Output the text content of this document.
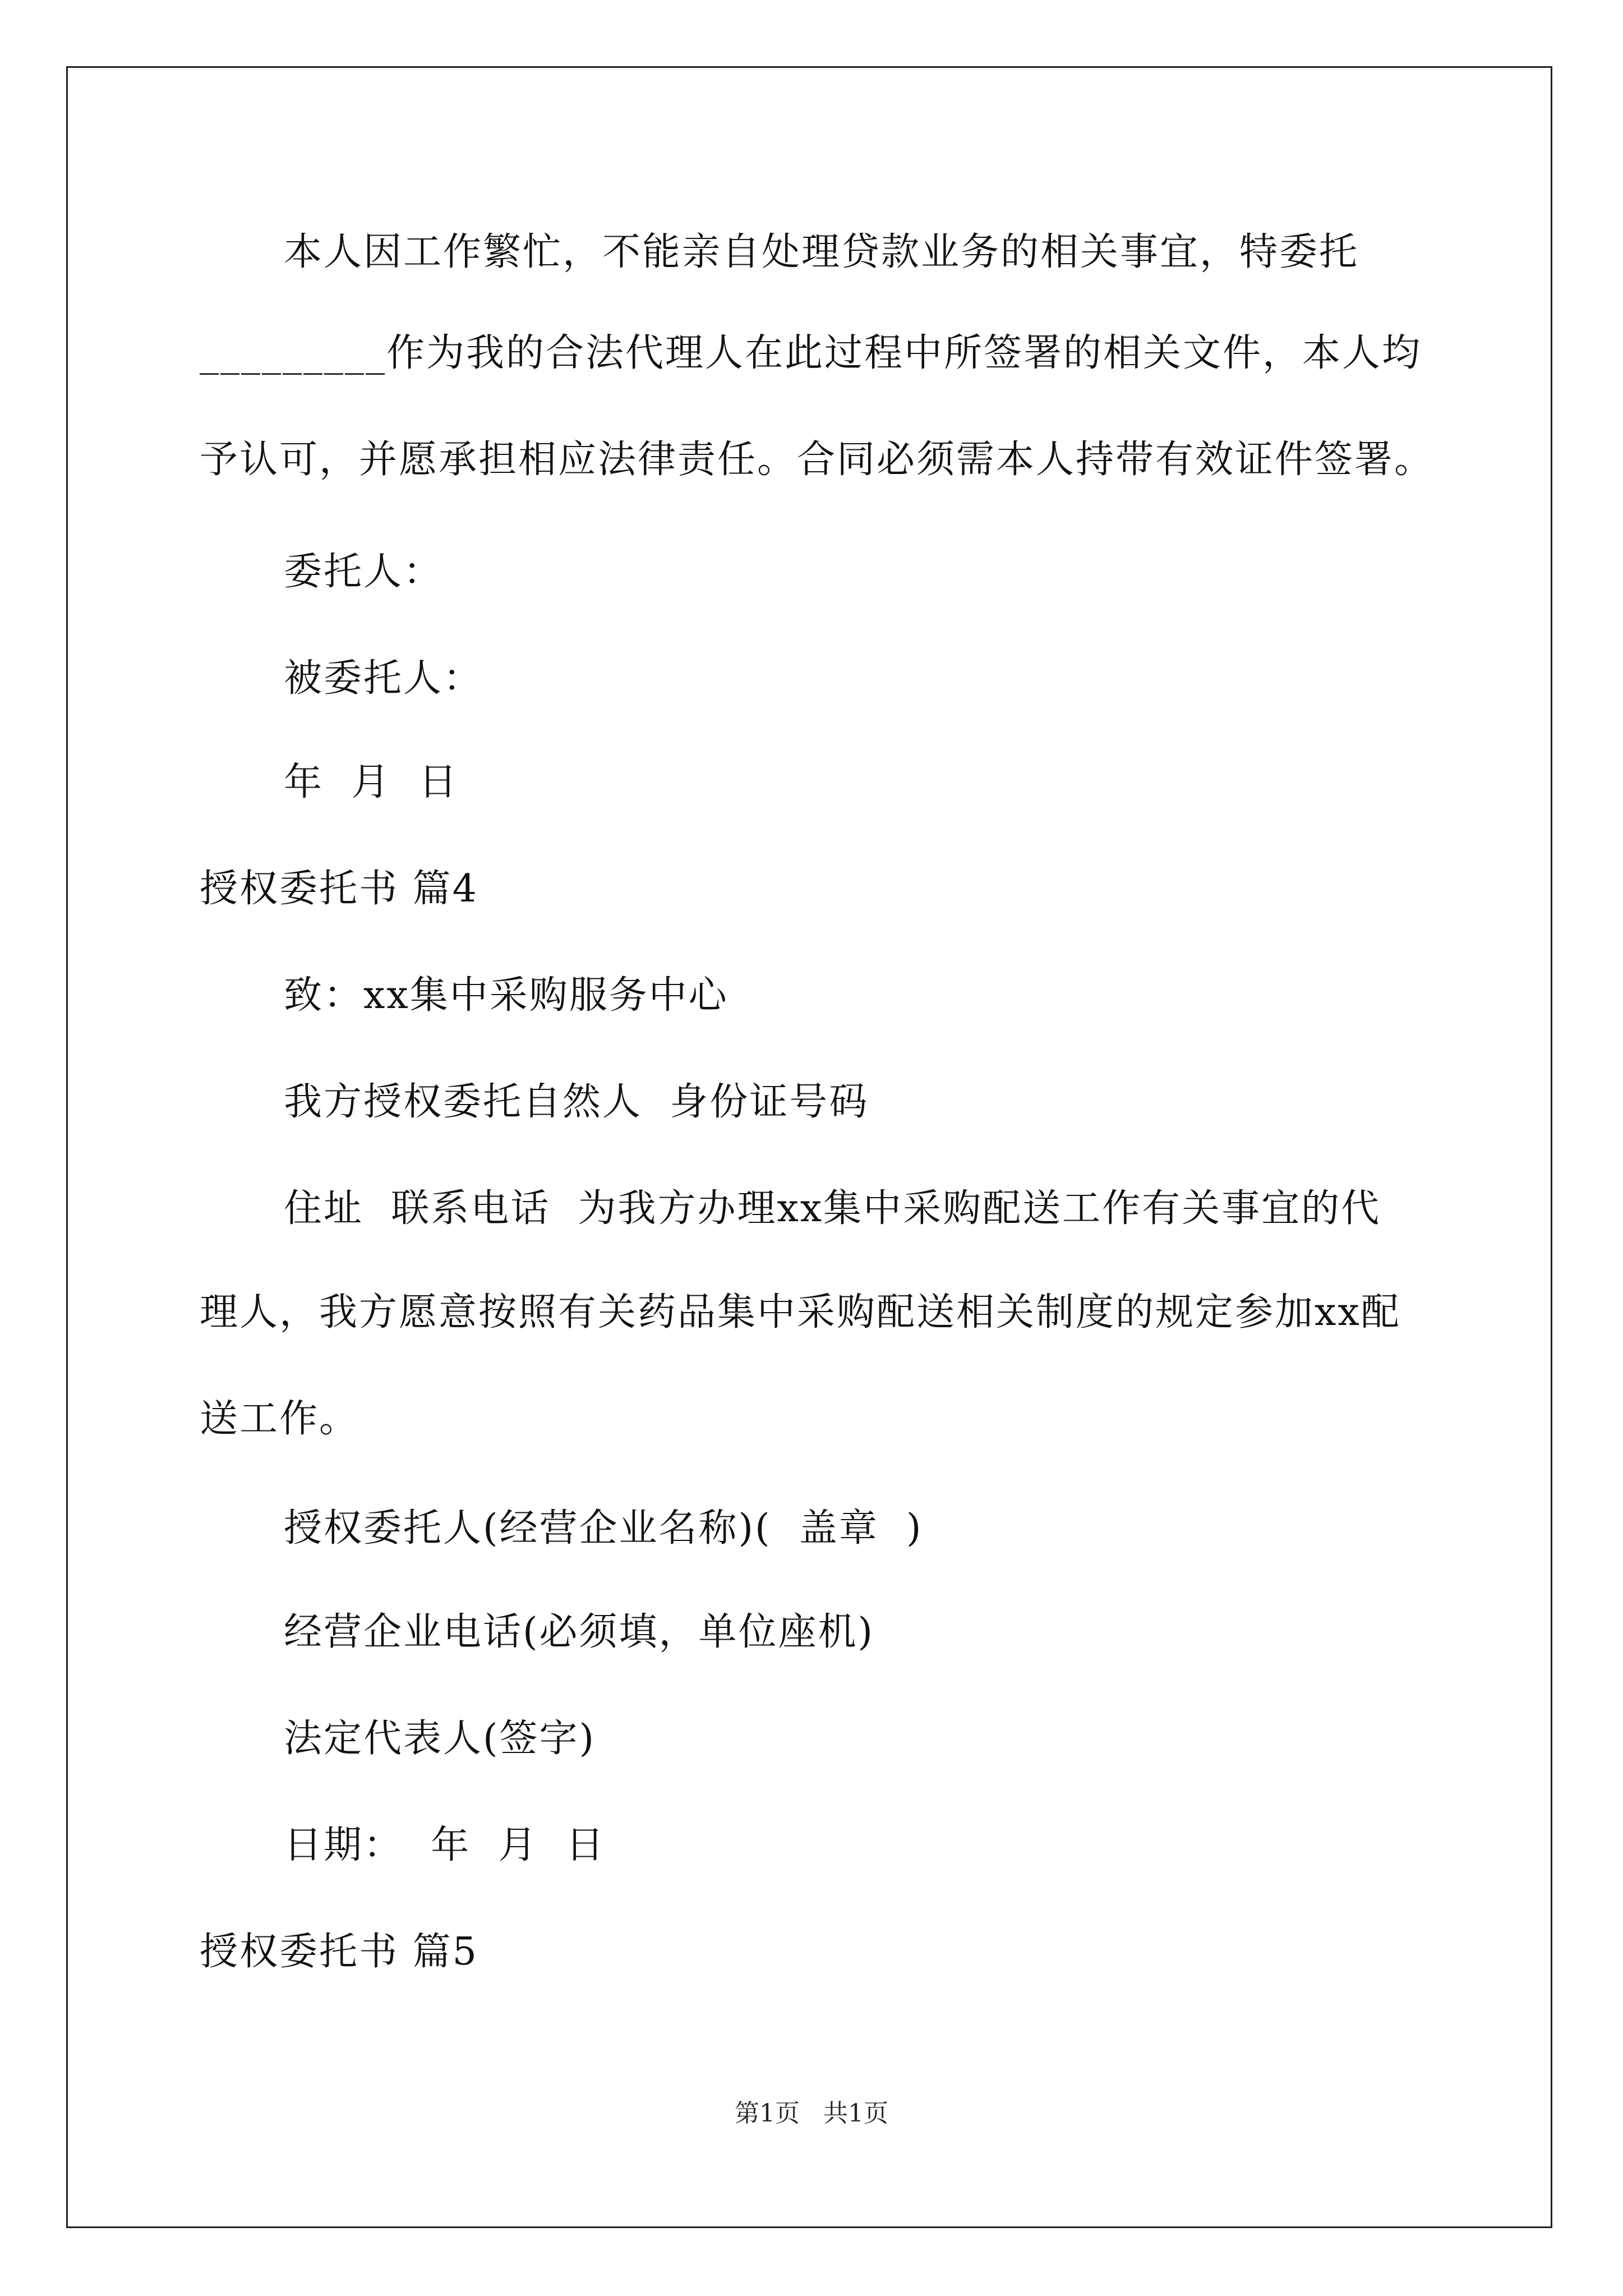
本人因工作繁忙，不能亲自处理贷款业务的相关事宜，特委托
_________作为我的合法代理人在此过程中所签署的相关文件，本人均
予认可，并愿承担相应法律责任。合同必须需本人持带有效证件签署。
委托人：
被委托人：
年  月  日
授权委托书 篇4
致：xx集中采购服务中心
我方授权委托自然人  身份证号码
住址  联系电话  为我方办理xx集中采购配送工作有关事宜的代
理人，我方愿意按照有关药品集中采购配送相关制度的规定参加xx配
送工作。
授权委托人(经营企业名称)(  盖章  )
经营企业电话(必须填，单位座机)
法定代表人(签字)
日期：  年  月  日
授权委托书 篇5
第1页   共1页
